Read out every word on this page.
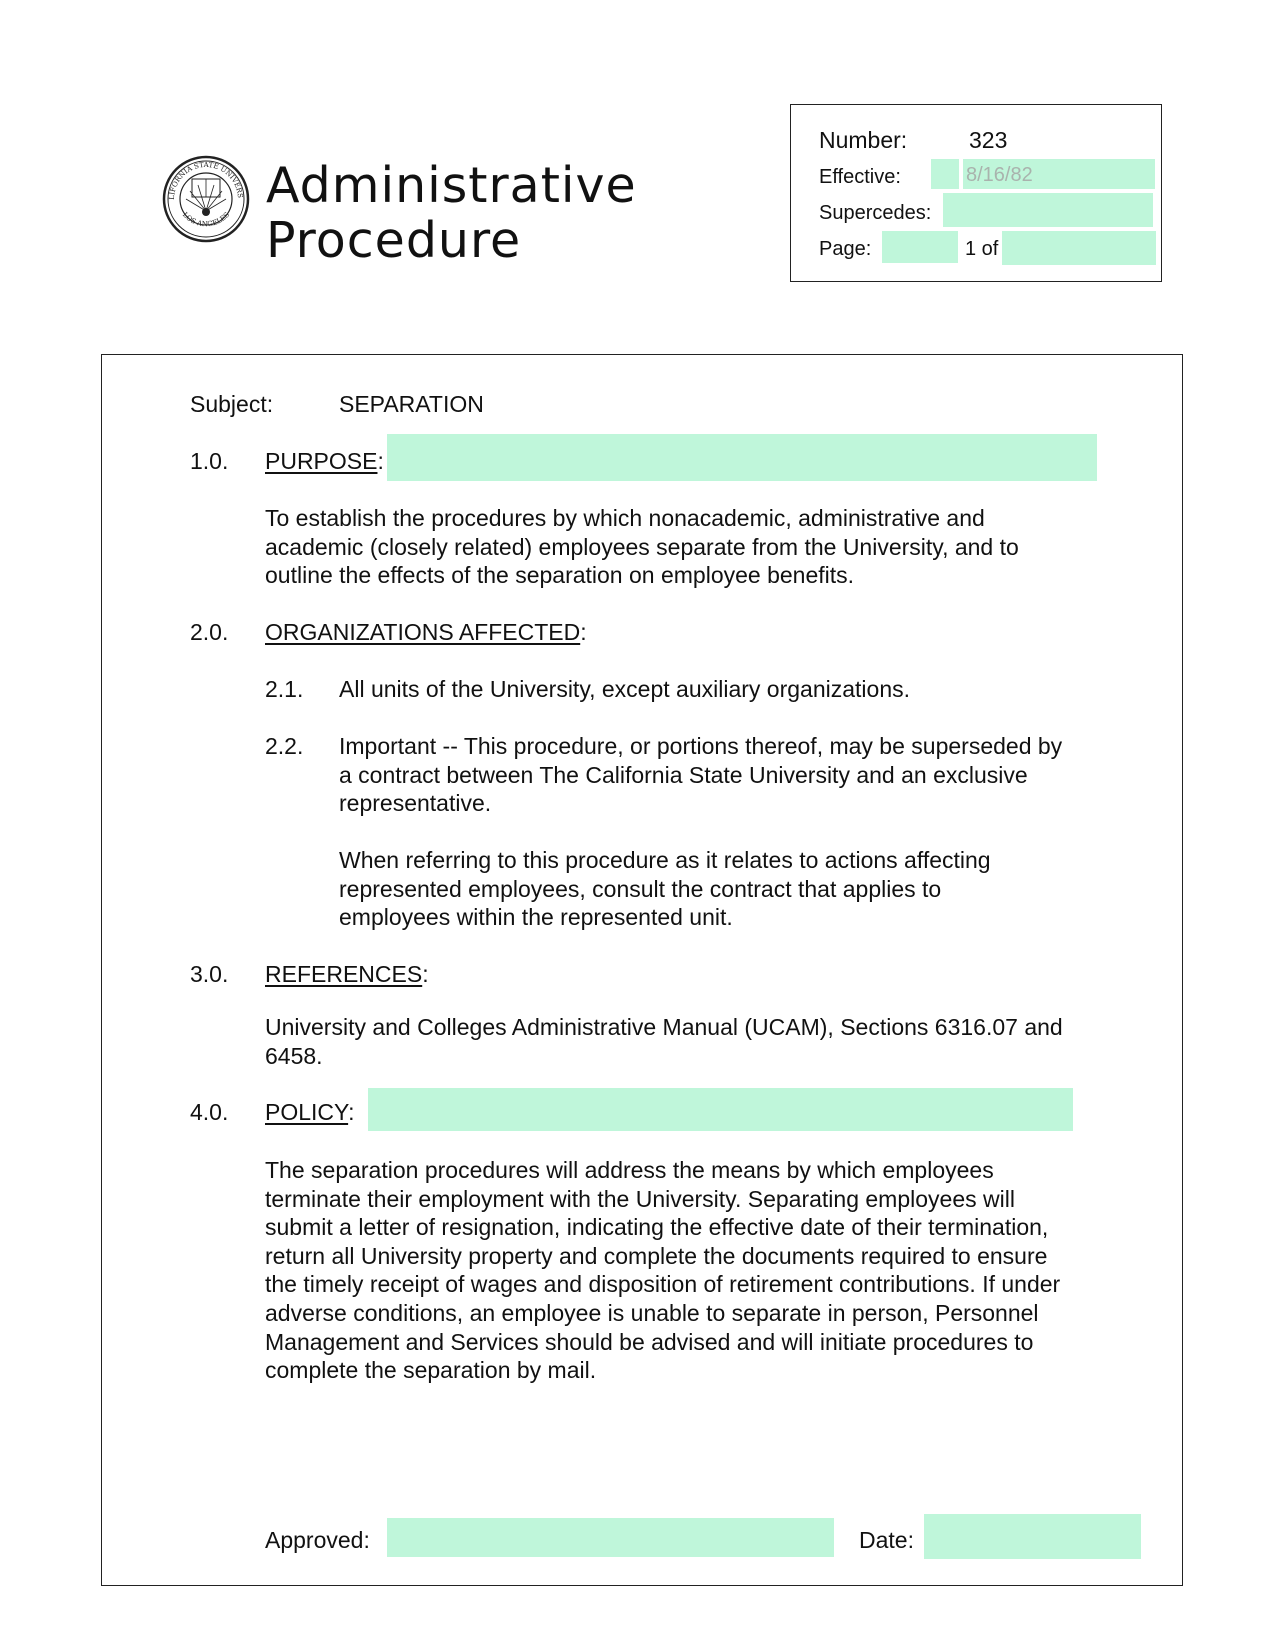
LIFORNIA STATE UNIVERS
LOS ANGELES
Administrative
Procedure
Number:	323
Effective:	8/16/82
Supercedes:
Page:	1 of
Subject:	SEPARATION
1.0. PURPOSE:
To establish the procedures by which nonacademic, administrative and academic (closely related) employees separate from the University, and to outline the effects of the separation on employee benefits.
2.0. ORGANIZATIONS AFFECTED:
2.1. All units of the University, except auxiliary organizations.
2.2. Important -- This procedure, or portions thereof, may be superseded by a contract between The California State University and an exclusive representative.
When referring to this procedure as it relates to actions affecting represented employees, consult the contract that applies to employees within the represented unit.
3.0. REFERENCES:
University and Colleges Administrative Manual (UCAM), Sections 6316.07 and 6458.
4.0. POLICY:
The separation procedures will address the means by which employees terminate their employment with the University. Separating employees will submit a letter of resignation, indicating the effective date of their termination, return all University property and complete the documents required to ensure the timely receipt of wages and disposition of retirement contributions. If under adverse conditions, an employee is unable to separate in person, Personnel Management and Services should be advised and will initiate procedures to complete the separation by mail.
Approved:	Date:
